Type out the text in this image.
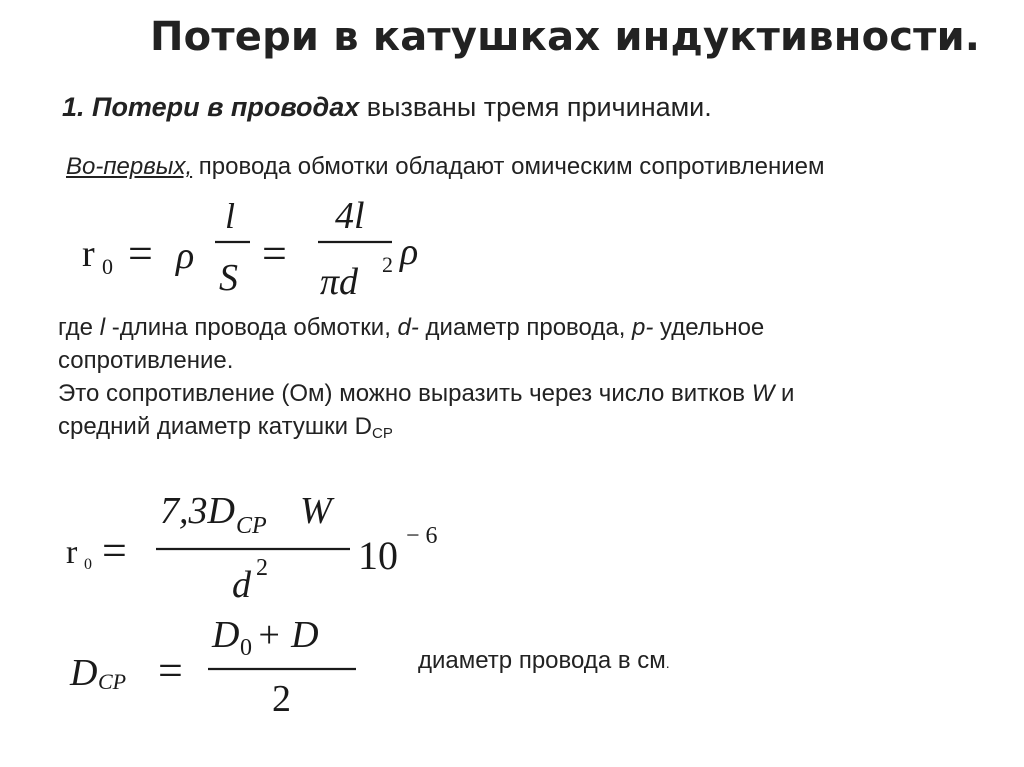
Потери в катушках индуктивности.
1. Потери в проводах вызваны тремя причинами.
Во-первых, провода обмотки обладают омическим сопротивлением
r 0 = ρ
l
S =
4l
πd 2 ρ
где l -длина провода обмотки, d- диаметр провода, р- удельное
сопротивление.
Это сопротивление (Ом) можно выразить через число витков W и
средний диаметр катушки $D_{CP}$
r 0 =
7,3D CP W
d 2 10 − 6
D CP =
D 0 + D
2
диаметр провода в см.
